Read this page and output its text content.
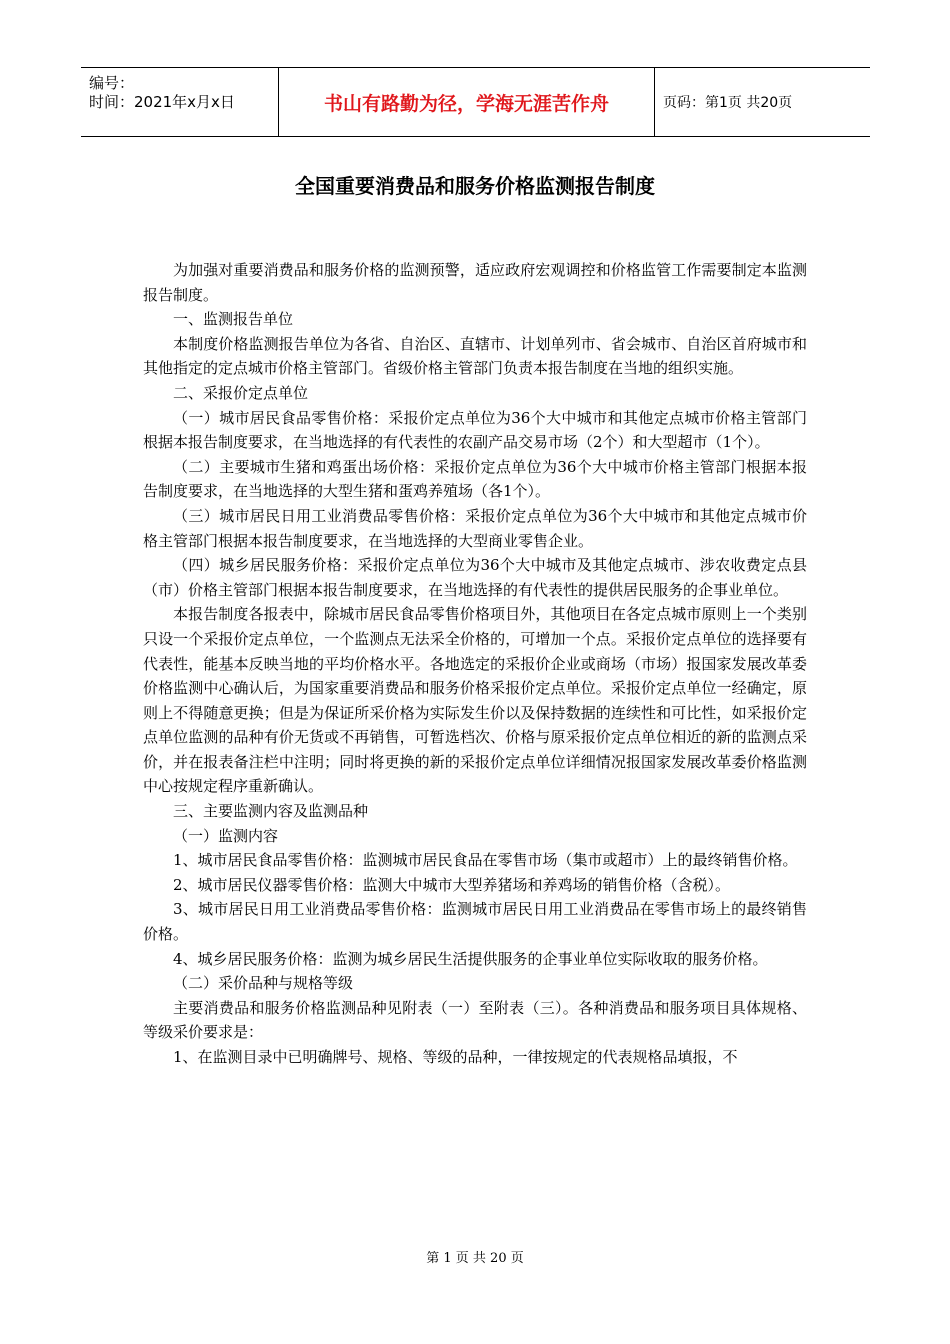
编号：
时间：2021年x月x日	书山有路勤为径，学海无涯苦作舟	页码：第1页 共20页
全国重要消费品和服务价格监测报告制度

为加强对重要消费品和服务价格的监测预警，适应政府宏观调控和价格监管工作需要制定本监测报告制度。

一、监测报告单位

本制度价格监测报告单位为各省、自治区、直辖市、计划单列市、省会城市、自治区首府城市和其他指定的定点城市价格主管部门。省级价格主管部门负责本报告制度在当地的组织实施。

二、采报价定点单位

（一）城市居民食品零售价格：采报价定点单位为36个大中城市和其他定点城市价格主管部门根据本报告制度要求，在当地选择的有代表性的农副产品交易市场（2个）和大型超市（1个）。

（二）主要城市生猪和鸡蛋出场价格：采报价定点单位为36个大中城市价格主管部门根据本报告制度要求，在当地选择的大型生猪和蛋鸡养殖场（各1个）。

（三）城市居民日用工业消费品零售价格：采报价定点单位为36个大中城市和其他定点城市价格主管部门根据本报告制度要求，在当地选择的大型商业零售企业。

（四）城乡居民服务价格：采报价定点单位为36个大中城市及其他定点城市、涉农收费定点县（市）价格主管部门根据本报告制度要求，在当地选择的有代表性的提供居民服务的企事业单位。

本报告制度各报表中，除城市居民食品零售价格项目外，其他项目在各定点城市原则上一个类别只设一个采报价定点单位，一个监测点无法采全价格的，可增加一个点。采报价定点单位的选择要有代表性，能基本反映当地的平均价格水平。各地选定的采报价企业或商场（市场）报国家发展改革委价格监测中心确认后，为国家重要消费品和服务价格采报价定点单位。采报价定点单位一经确定，原则上不得随意更换；但是为保证所采价格为实际发生价以及保持数据的连续性和可比性，如采报价定点单位监测的品种有价无货或不再销售，可暂选档次、价格与原采报价定点单位相近的新的监测点采价，并在报表备注栏中注明；同时将更换的新的采报价定点单位详细情况报国家发展改革委价格监测中心按规定程序重新确认。

三、主要监测内容及监测品种

（一）监测内容

1、城市居民食品零售价格：监测城市居民食品在零售市场（集市或超市）上的最终销售价格。

2、城市居民仪器零售价格：监测大中城市大型养猪场和养鸡场的销售价格（含税）。

3、城市居民日用工业消费品零售价格：监测城市居民日用工业消费品在零售市场上的最终销售价格。

4、城乡居民服务价格：监测为城乡居民生活提供服务的企事业单位实际收取的服务价格。

（二）采价品种与规格等级

主要消费品和服务价格监测品种见附表（一）至附表（三）。各种消费品和服务项目具体规格、等级采价要求是：

1、在监测目录中已明确牌号、规格、等级的品种，一律按规定的代表规格品填报，不

第 1 页 共 20 页
